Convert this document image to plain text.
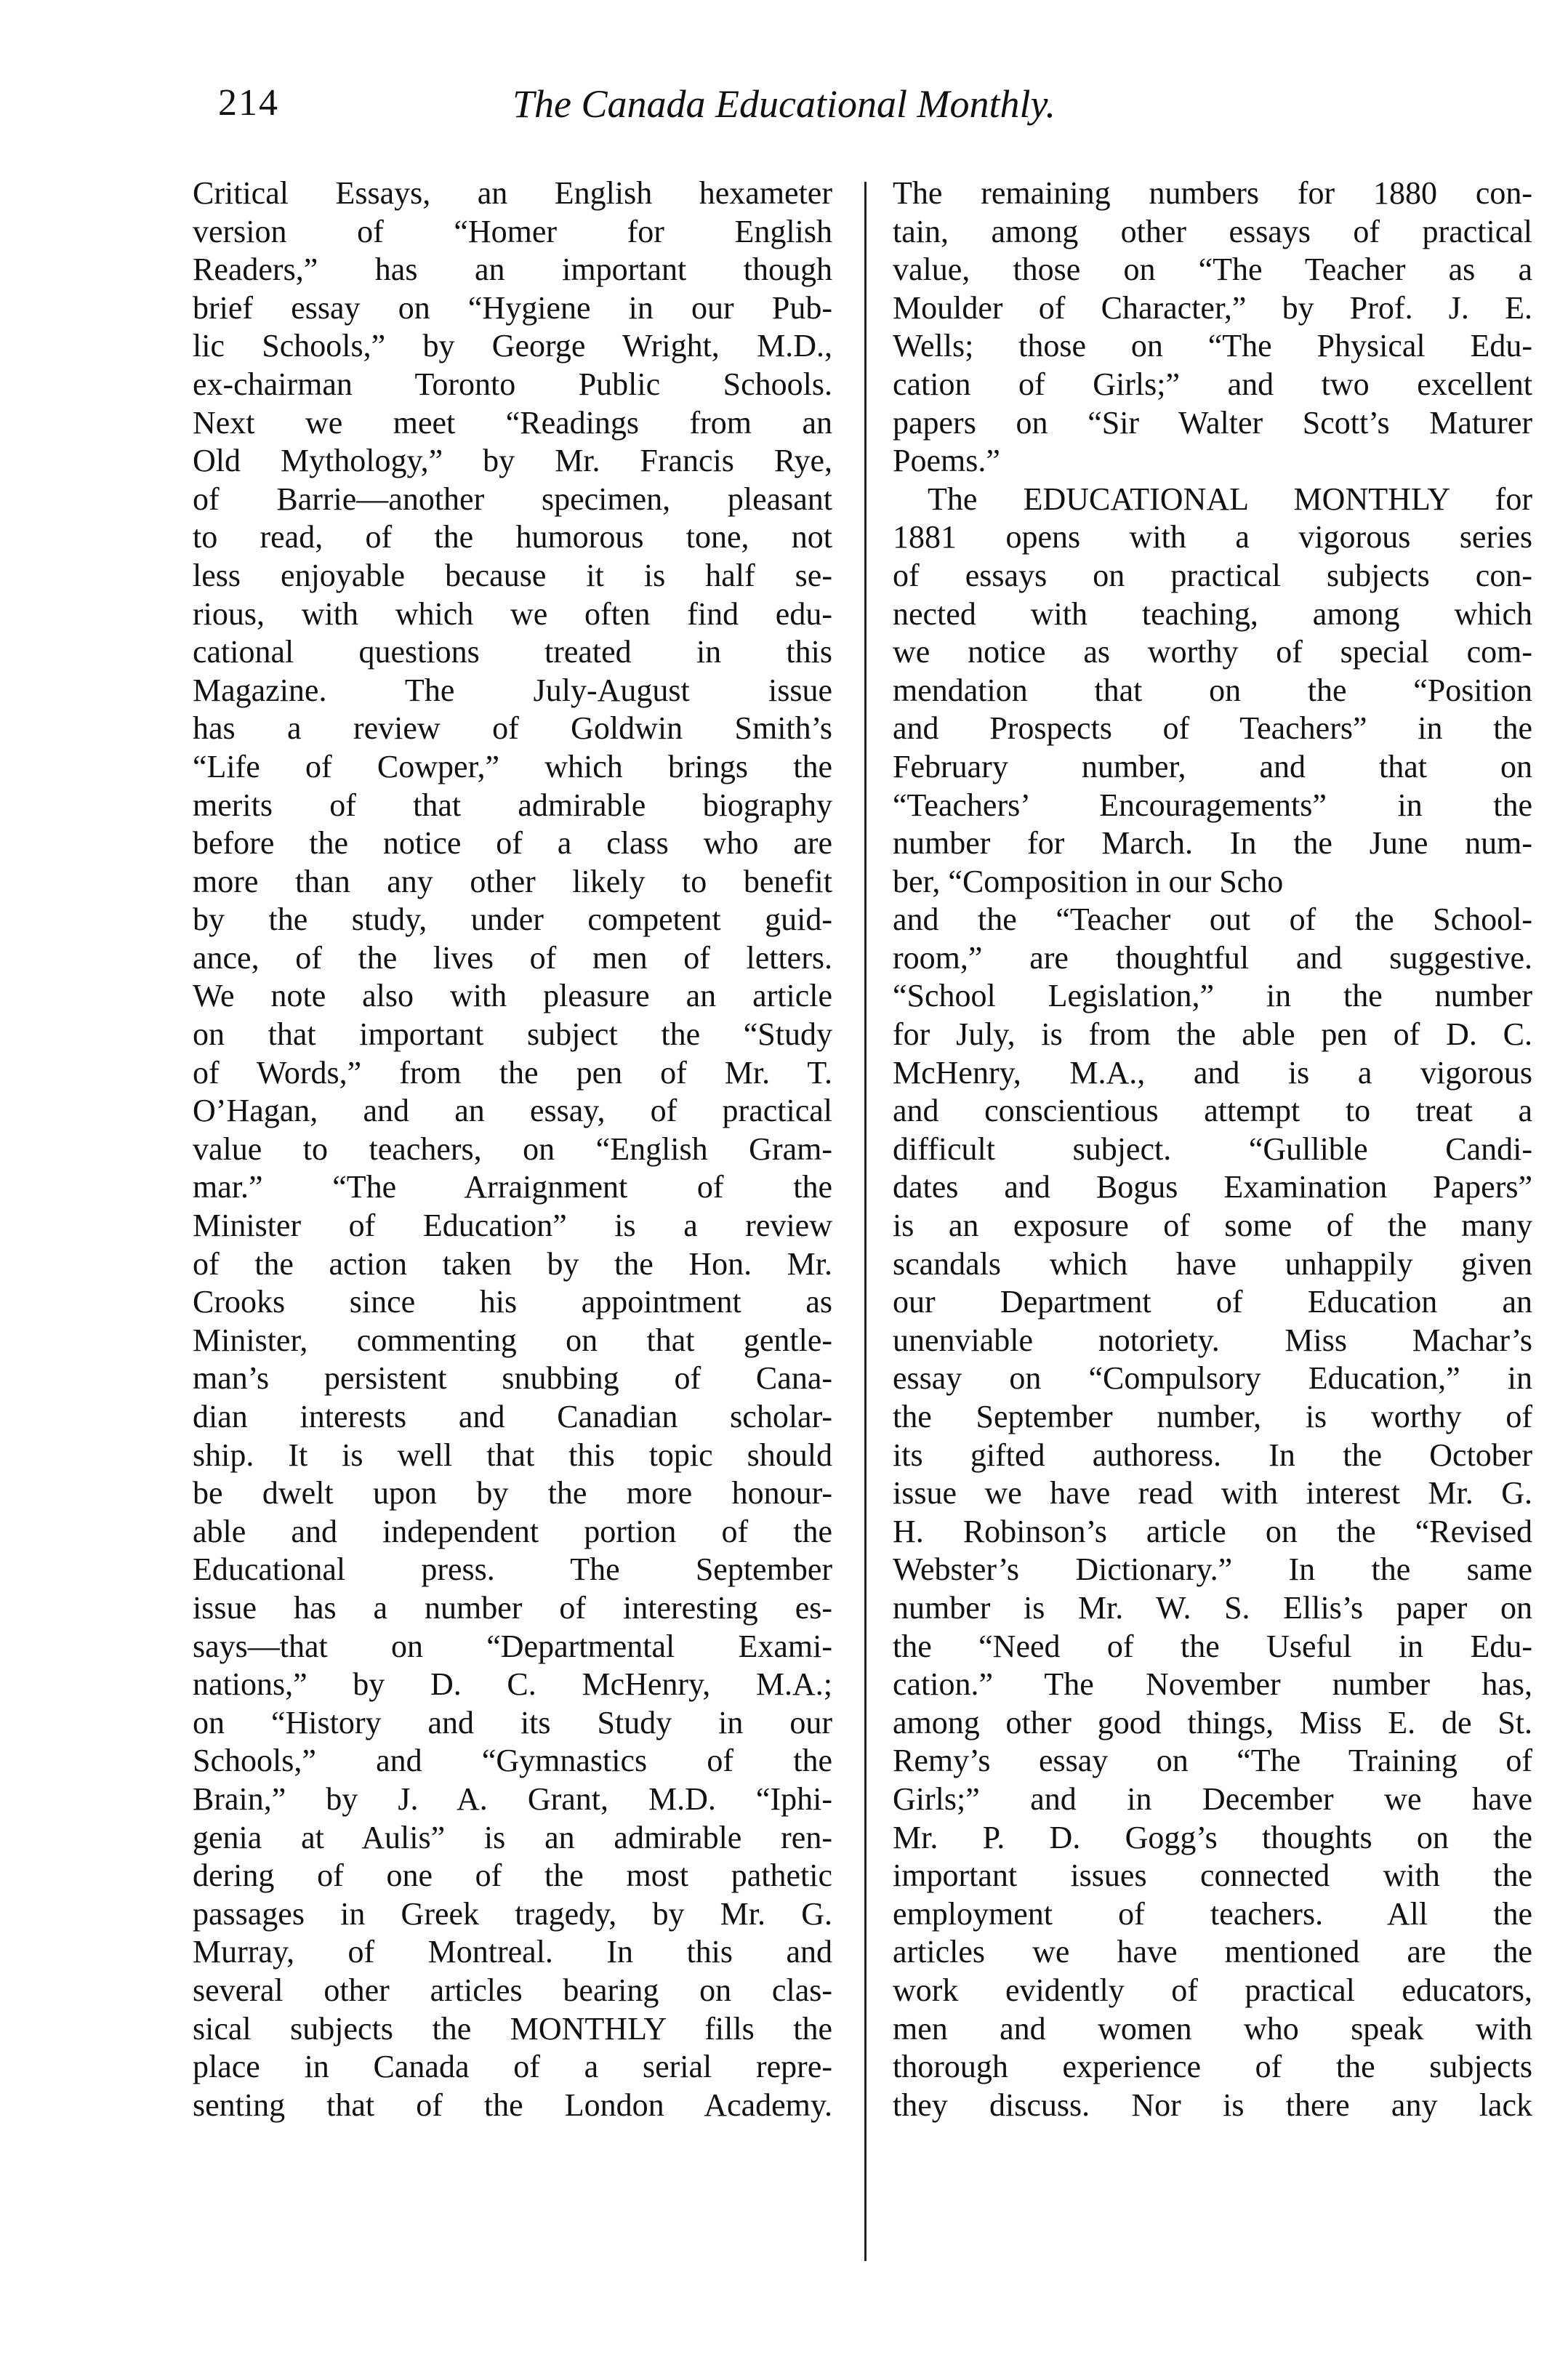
214	The Canada Educational Monthly.
Critical Essays, an English hexameter
version of “Homer for English
Readers,” has an important though
brief essay on “Hygiene in our Pub-
lic Schools,” by George Wright, M.D.,
ex-chairman Toronto Public Schools.
Next we meet “Readings from an
Old Mythology,” by Mr. Francis Rye,
of Barrie—another specimen, pleasant
to read, of the humorous tone, not
less enjoyable because it is half se-
rious, with which we often find edu-
cational questions treated in this
Magazine. The July-August issue
has a review of Goldwin Smith’s
“Life of Cowper,” which brings the
merits of that admirable biography
before the notice of a class who are
more than any other likely to benefit
by the study, under competent guid-
ance, of the lives of men of letters.
We note also with pleasure an article
on that important subject the “Study
of Words,” from the pen of Mr. T.
O’Hagan, and an essay, of practical
value to teachers, on “English Gram-
mar.” “The Arraignment of the
Minister of Education” is a review
of the action taken by the Hon. Mr.
Crooks since his appointment as
Minister, commenting on that gentle-
man’s persistent snubbing of Cana-
dian interests and Canadian scholar-
ship. It is well that this topic should
be dwelt upon by the more honour-
able and independent portion of the
Educational press. The September
issue has a number of interesting es-
says—that on “Departmental Exami-
nations,” by D. C. McHenry, M.A.;
on “History and its Study in our
Schools,” and “Gymnastics of the
Brain,” by J. A. Grant, M.D. “Iphi-
genia at Aulis” is an admirable ren-
dering of one of the most pathetic
passages in Greek tragedy, by Mr. G.
Murray, of Montreal. In this and
several other articles bearing on clas-
sical subjects the MONTHLY fills the
place in Canada of a serial repre-
senting that of the London Academy.
The remaining numbers for 1880 con-
tain, among other essays of practical
value, those on “The Teacher as a
Moulder of Character,” by Prof. J. E.
Wells; those on “The Physical Edu-
cation of Girls;” and two excellent
papers on “Sir Walter Scott’s Maturer
Poems.”
The EDUCATIONAL MONTHLY for
1881 opens with a vigorous series
of essays on practical subjects con-
nected with teaching, among which
we notice as worthy of special com-
mendation that on the “Position
and Prospects of Teachers” in the
February number, and that on
“Teachers’ Encouragements” in the
number for March. In the June num-
ber, “Composition in our Scho
and the “Teacher out of the School-
room,” are thoughtful and suggestive.
“School Legislation,” in the number
for July, is from the able pen of D. C.
McHenry, M.A., and is a vigorous
and conscientious attempt to treat a
difficult subject. “Gullible Candi-
dates and Bogus Examination Papers”
is an exposure of some of the many
scandals which have unhappily given
our Department of Education an
unenviable notoriety. Miss Machar’s
essay on “Compulsory Education,” in
the September number, is worthy of
its gifted authoress. In the October
issue we have read with interest Mr. G.
H. Robinson’s article on the “Revised
Webster’s Dictionary.” In the same
number is Mr. W. S. Ellis’s paper on
the “Need of the Useful in Edu-
cation.” The November number has,
among other good things, Miss E. de St.
Remy’s essay on “The Training of
Girls;” and in December we have
Mr. P. D. Gogg’s thoughts on the
important issues connected with the
employment of teachers. All the
articles we have mentioned are the
work evidently of practical educators,
men and women who speak with
thorough experience of the subjects
they discuss. Nor is there any lack
